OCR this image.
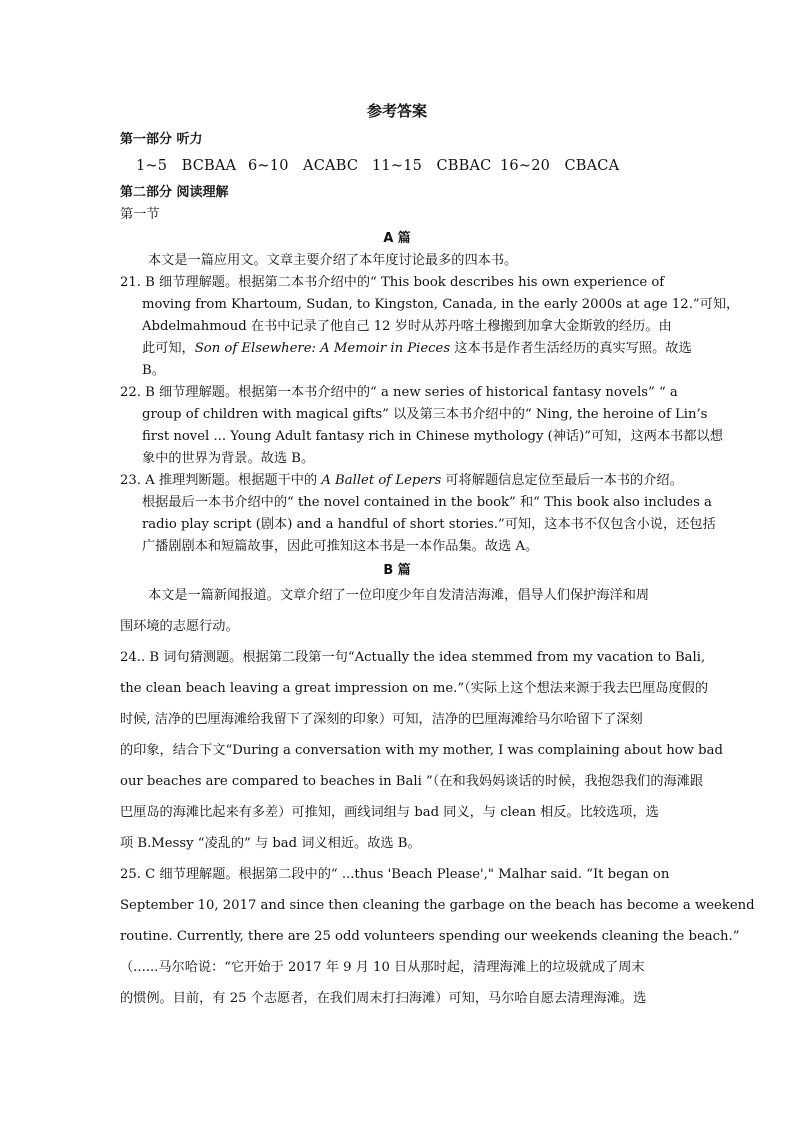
参考答案
第一部分 听力
1~5   BCBAA 6~10   ACABC 11~15   CBBAC 16~20   CBACA
第二部分 阅读理解
第一节
A 篇
本文是一篇应用文。文章主要介绍了本年度讨论最多的四本书。
21. B 细节理解题。根据第二本书介绍中的“ This book describes his own experience of
moving from Khartoum, Sudan, to Kingston, Canada, in the early 2000s at age 12.”可知，
Abdelmahmoud 在书中记录了他自己 12 岁时从苏丹喀土穆搬到加拿大金斯敦的经历。由
此可知，Son of Elsewhere: A Memoir in Pieces 这本书是作者生活经历的真实写照。故选
B。
22. B 细节理解题。根据第一本书介绍中的“ a new series of historical fantasy novels” “ a
group of children with magical gifts” 以及第三本书介绍中的“ Ning, the heroine of Lin’s
first novel ... Young Adult fantasy rich in Chinese mythology (神话)”可知，这两本书都以想
象中的世界为背景。故选 B。
23. A 推理判断题。根据题干中的 A Ballet of Lepers 可将解题信息定位至最后一本书的介绍。
根据最后一本书介绍中的“ the novel contained in the book” 和“ This book also includes a
radio play script (剧本) and a handful of short stories.”可知，这本书不仅包含小说，还包括
广播剧剧本和短篇故事，因此可推知这本书是一本作品集。故选 A。
B 篇
本文是一篇新闻报道。文章介绍了一位印度少年自发清洁海滩，倡导人们保护海洋和周
围环境的志愿行动。
24.. B 词句猜测题。根据第二段第一句“Actually the idea stemmed from my vacation to Bali,
the clean beach leaving a great impression on me.”（实际上这个想法来源于我去巴厘岛度假的
时候, 洁净的巴厘海滩给我留下了深刻的印象）可知，洁净的巴厘海滩给马尔哈留下了深刻
的印象，结合下文“During a conversation with my mother, I was complaining about how bad
our beaches are compared to beaches in Bali ”（在和我妈妈谈话的时候，我抱怨我们的海滩跟
巴厘岛的海滩比起来有多差）可推知，画线词组与 bad 同义，与 clean 相反。比较选项，选
项 B.Messy “凌乱的” 与 bad 词义相近。故选 B。
25. C 细节理解题。根据第二段中的“ ...thus 'Beach Please'," Malhar said. “It began on
September 10, 2017 and since then cleaning the garbage on the beach has become a weekend
routine. Currently, there are 25 odd volunteers spending our weekends cleaning the beach.”
（......马尔哈说：“它开始于 2017 年 9 月 10 日从那时起，清理海滩上的垃圾就成了周末
的惯例。目前，有 25 个志愿者，在我们周末打扫海滩）可知，马尔哈自愿去清理海滩。选
